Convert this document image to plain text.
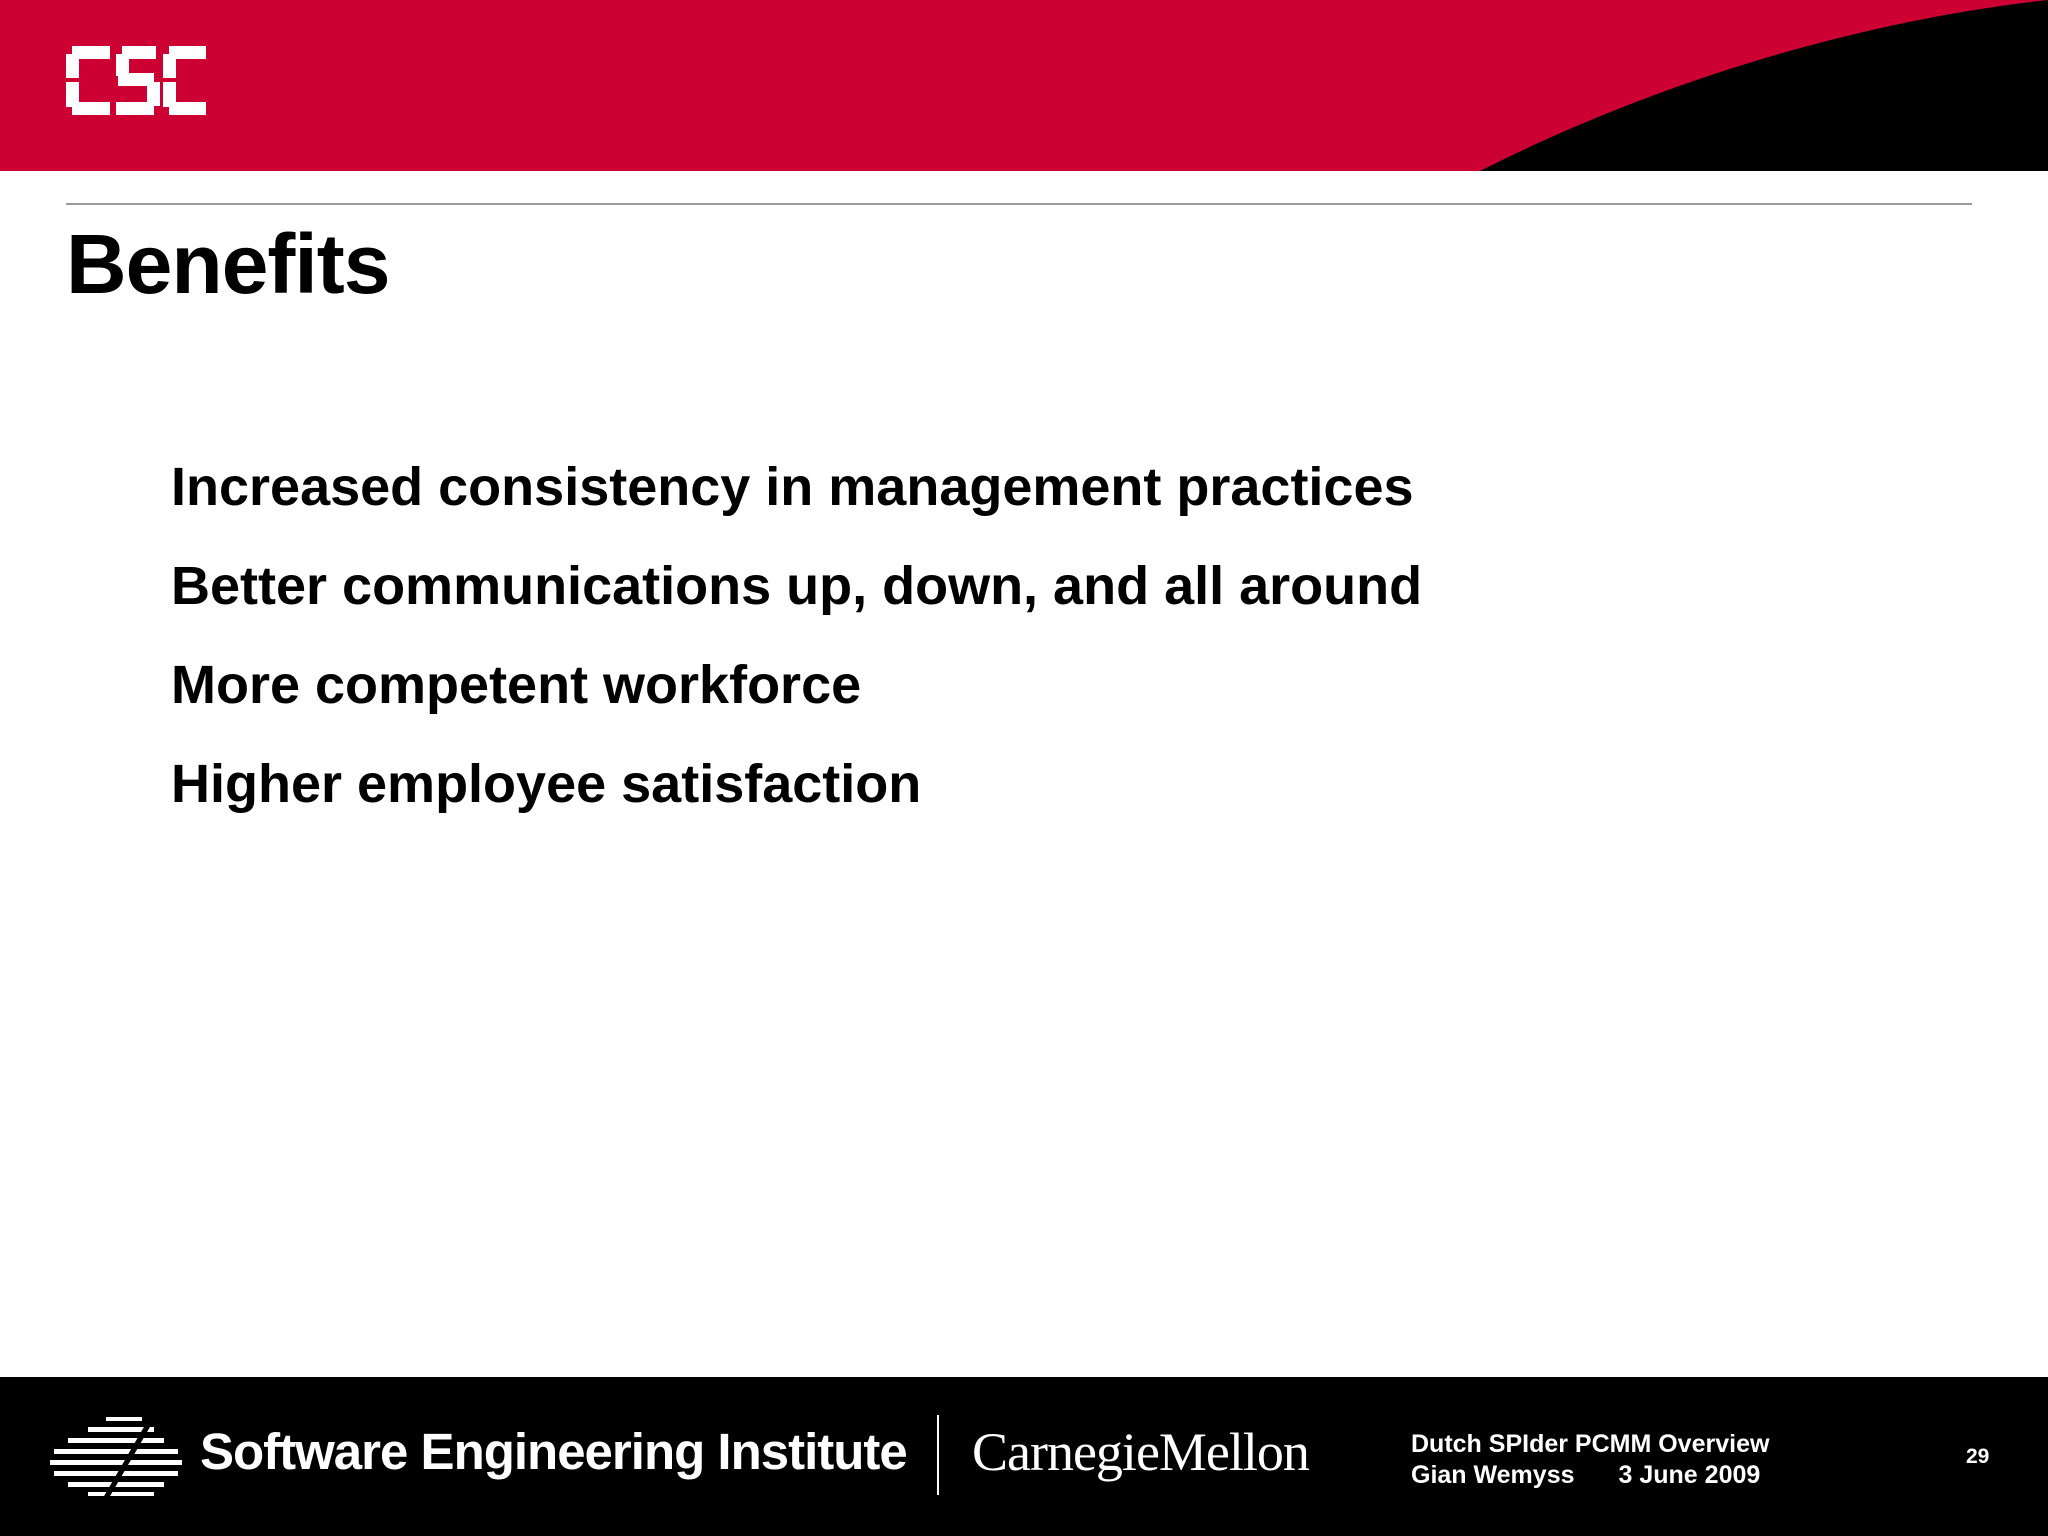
Benefits
Increased consistency in management practices
Better communications up, down, and all around
More competent workforce
Higher employee satisfaction
Software Engineering Institute CarnegieMellon	Dutch SPIder PCMM Overview
Gian Wemyss 3 June 2009
29
